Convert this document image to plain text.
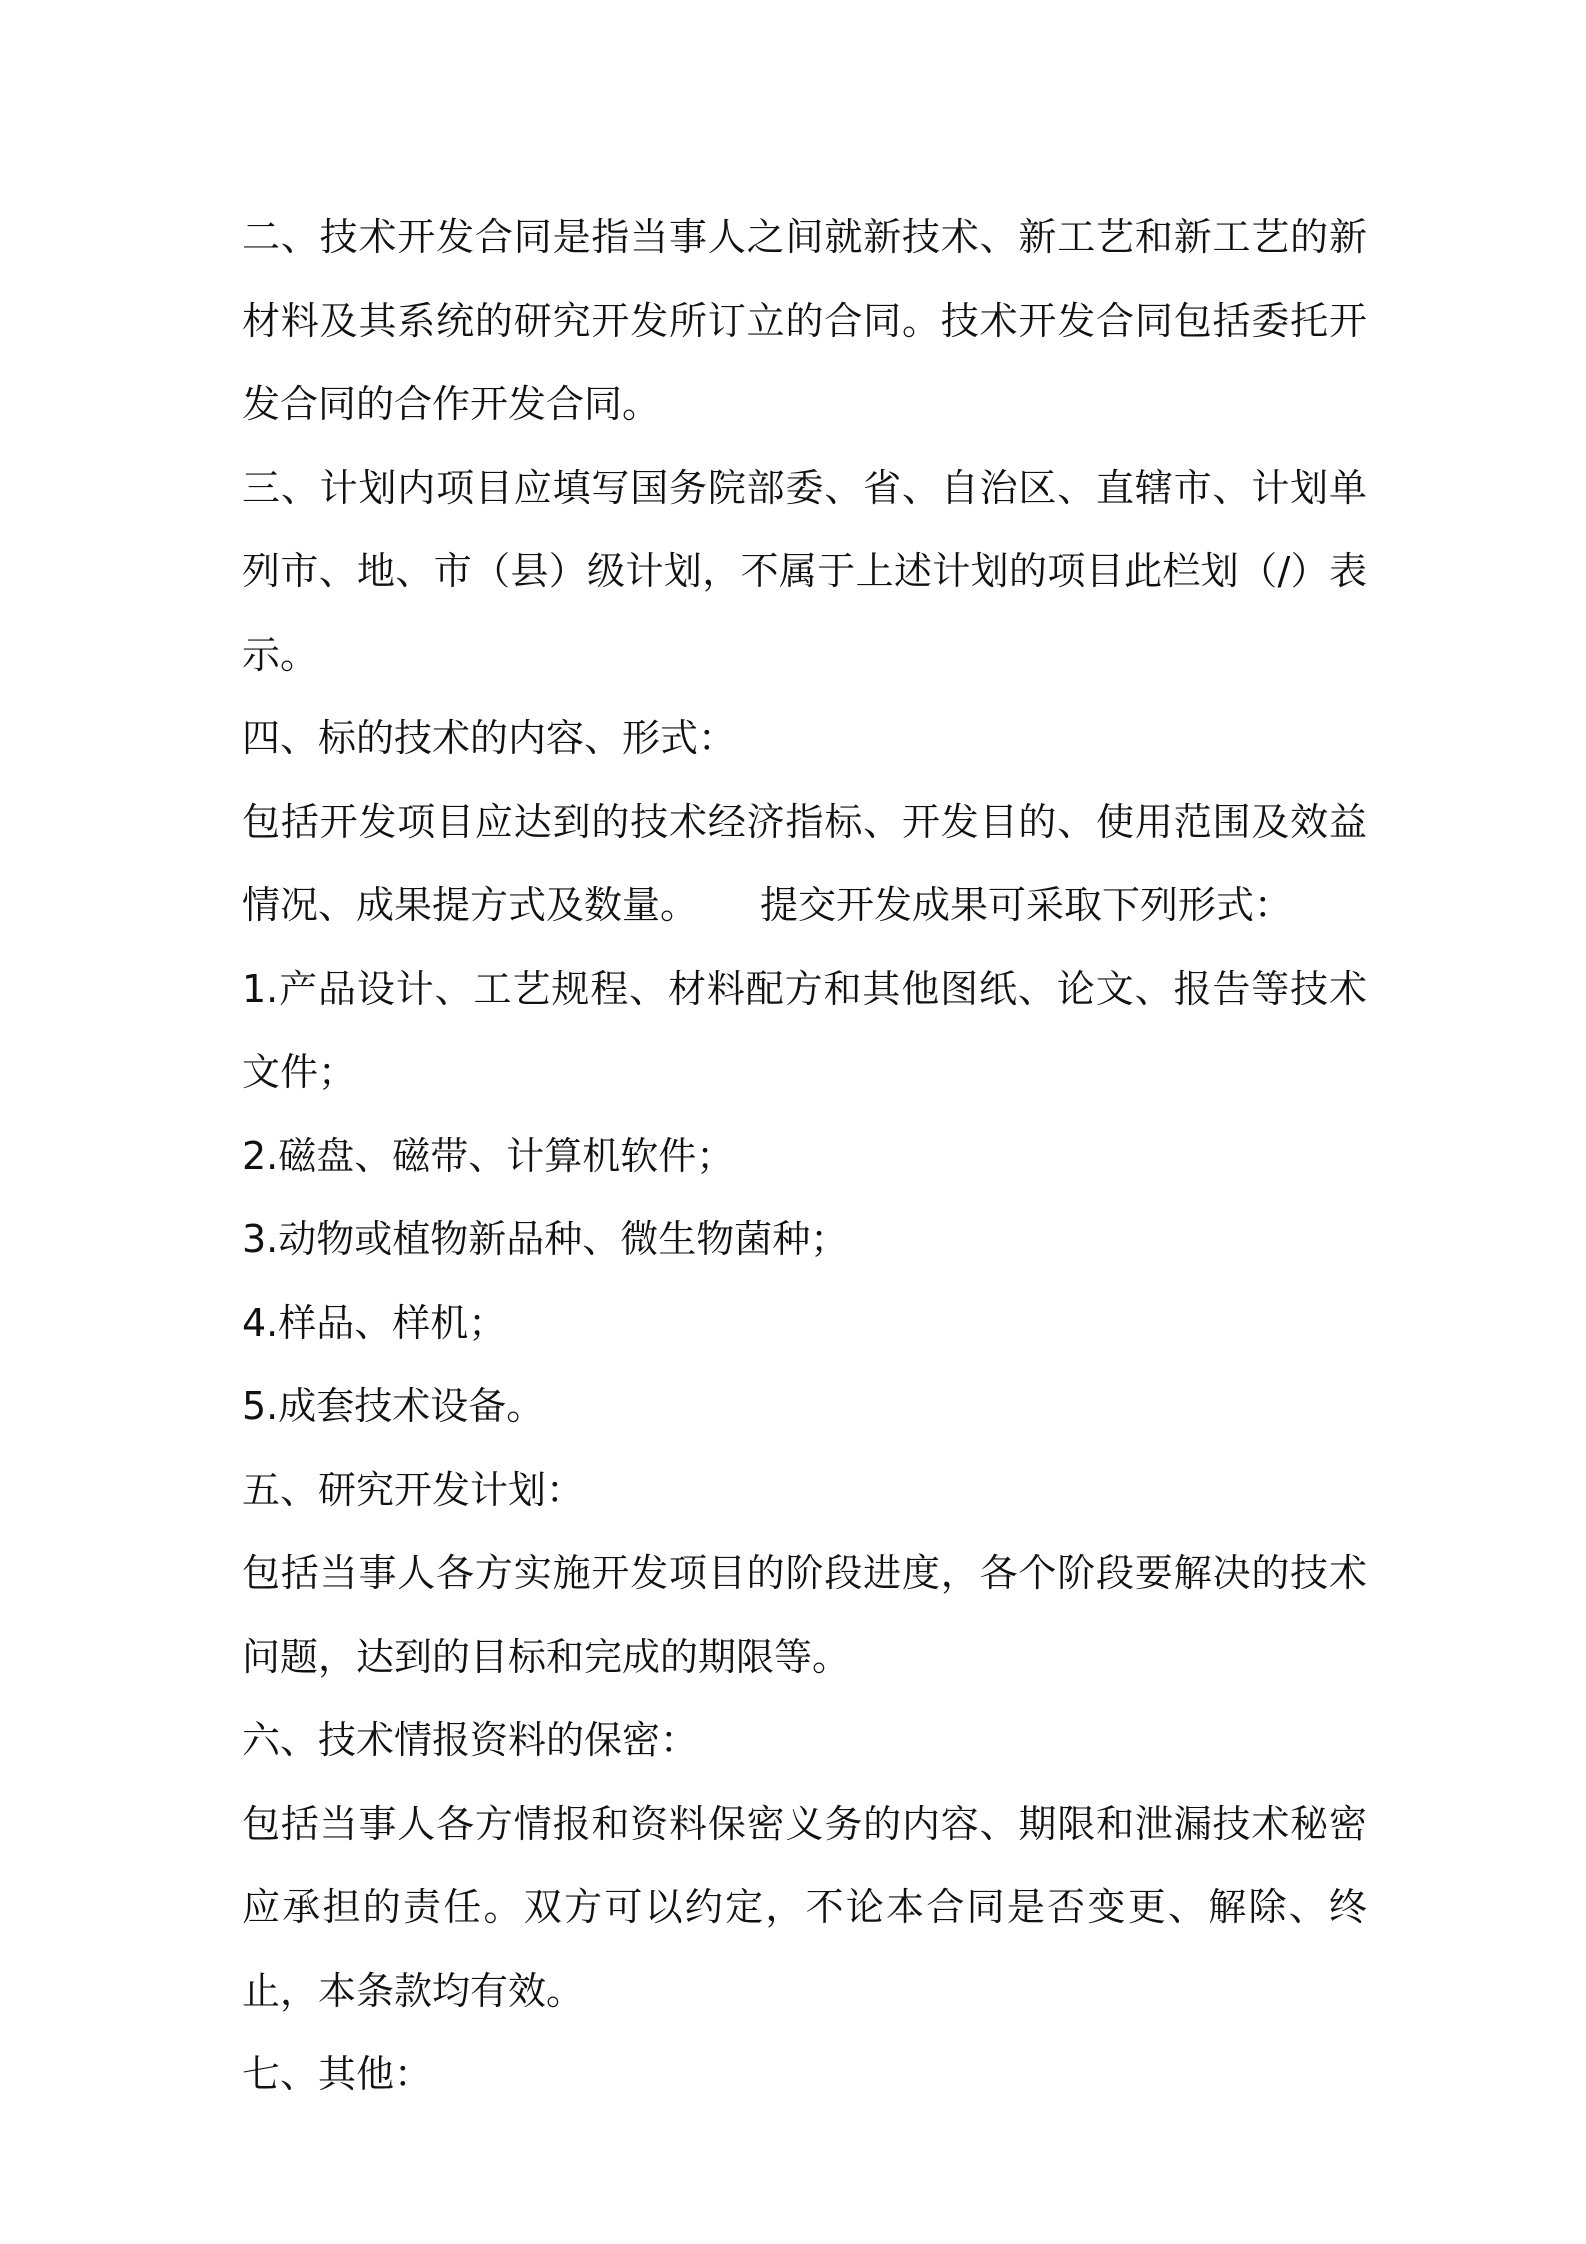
二、技术开发合同是指当事人之间就新技术、新工艺和新工艺的新材料及其系统的研究开发所订立的合同。技术开发合同包括委托开发合同的合作开发合同。

三、计划内项目应填写国务院部委、省、自治区、直辖市、计划单列市、地、市（县）级计划，不属于上述计划的项目此栏划（/）表示。

四、标的技术的内容、形式：

包括开发项目应达到的技术经济指标、开发目的、使用范围及效益情况、成果提方式及数量。 提交开发成果可采取下列形式：

1.产品设计、工艺规程、材料配方和其他图纸、论文、报告等技术文件；

2.磁盘、磁带、计算机软件；

3.动物或植物新品种、微生物菌种；

4.样品、样机；

5.成套技术设备。

五、研究开发计划：

包括当事人各方实施开发项目的阶段进度，各个阶段要解决的技术问题，达到的目标和完成的期限等。

六、技术情报资料的保密：

包括当事人各方情报和资料保密义务的内容、期限和泄漏技术秘密应承担的责任。双方可以约定，不论本合同是否变更、解除、终止，本条款均有效。

七、其他：
